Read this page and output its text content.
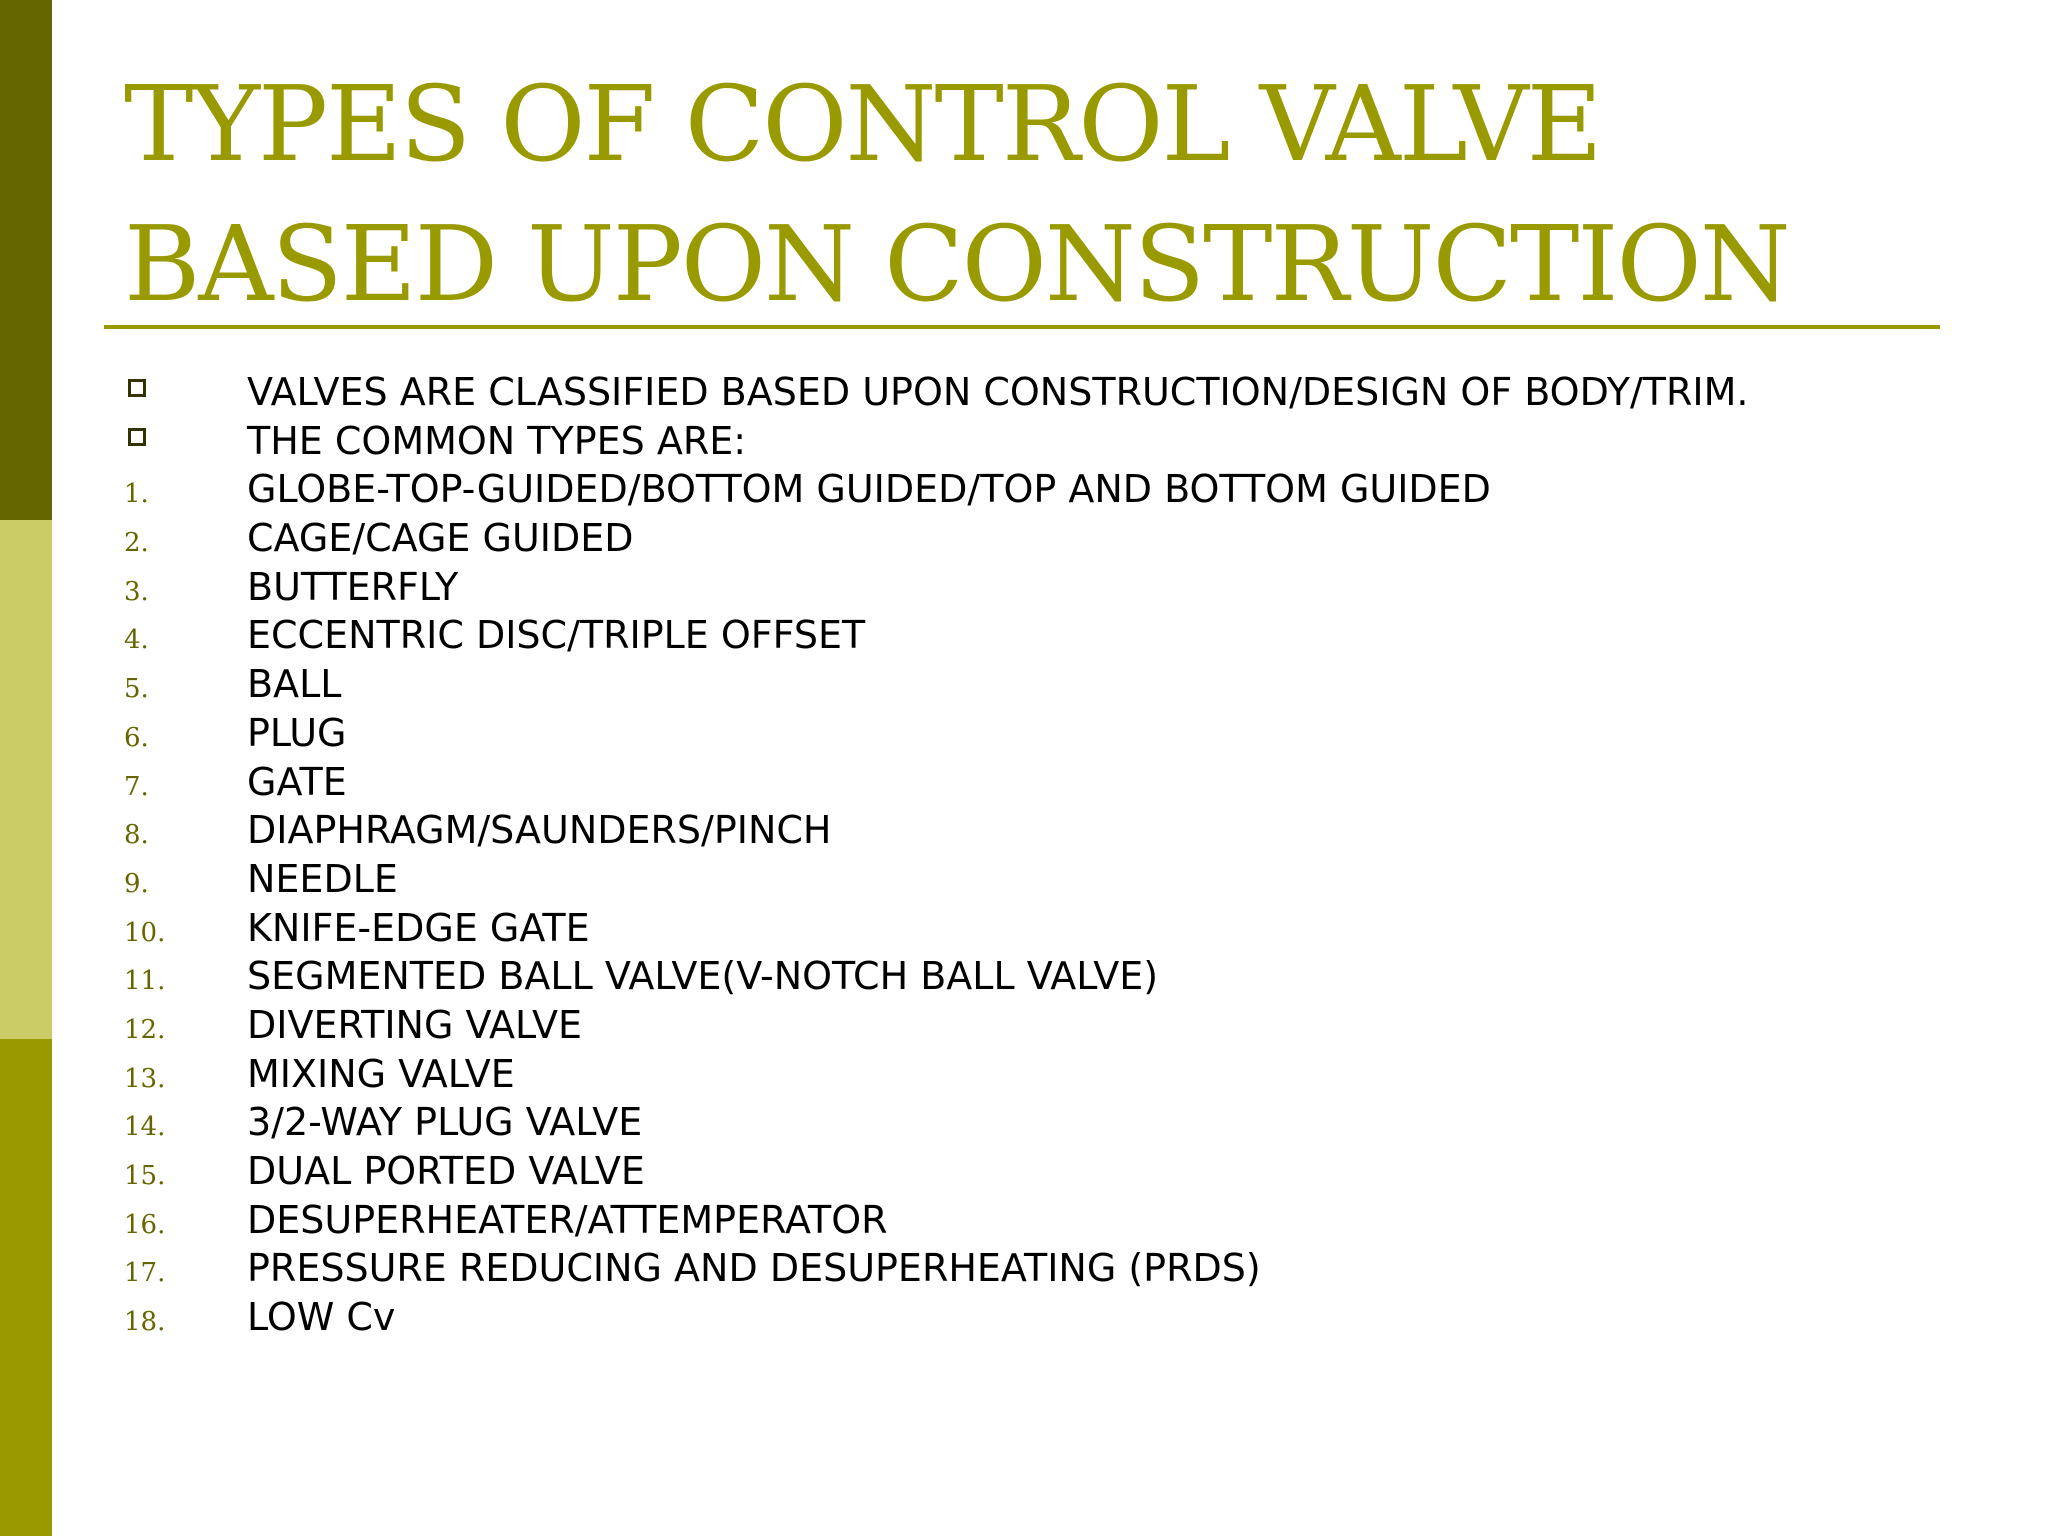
TYPES OF CONTROL VALVE
BASED UPON CONSTRUCTION
VALVES ARE CLASSIFIED BASED UPON CONSTRUCTION/DESIGN OF BODY/TRIM.
THE COMMON TYPES ARE:
1.	GLOBE-TOP-GUIDED/BOTTOM GUIDED/TOP AND BOTTOM GUIDED
2.	CAGE/CAGE GUIDED
3.	BUTTERFLY
4.	ECCENTRIC DISC/TRIPLE OFFSET
5.	BALL
6.	PLUG
7.	GATE
8.	DIAPHRAGM/SAUNDERS/PINCH
9.	NEEDLE
10. KNIFE-EDGE GATE
11. SEGMENTED BALL VALVE(V-NOTCH BALL VALVE)
12. DIVERTING VALVE
13. MIXING VALVE
14. 3/2-WAY PLUG VALVE
15. DUAL PORTED VALVE
16. DESUPERHEATER/ATTEMPERATOR
17. PRESSURE REDUCING AND DESUPERHEATING (PRDS)
18. LOW Cv
